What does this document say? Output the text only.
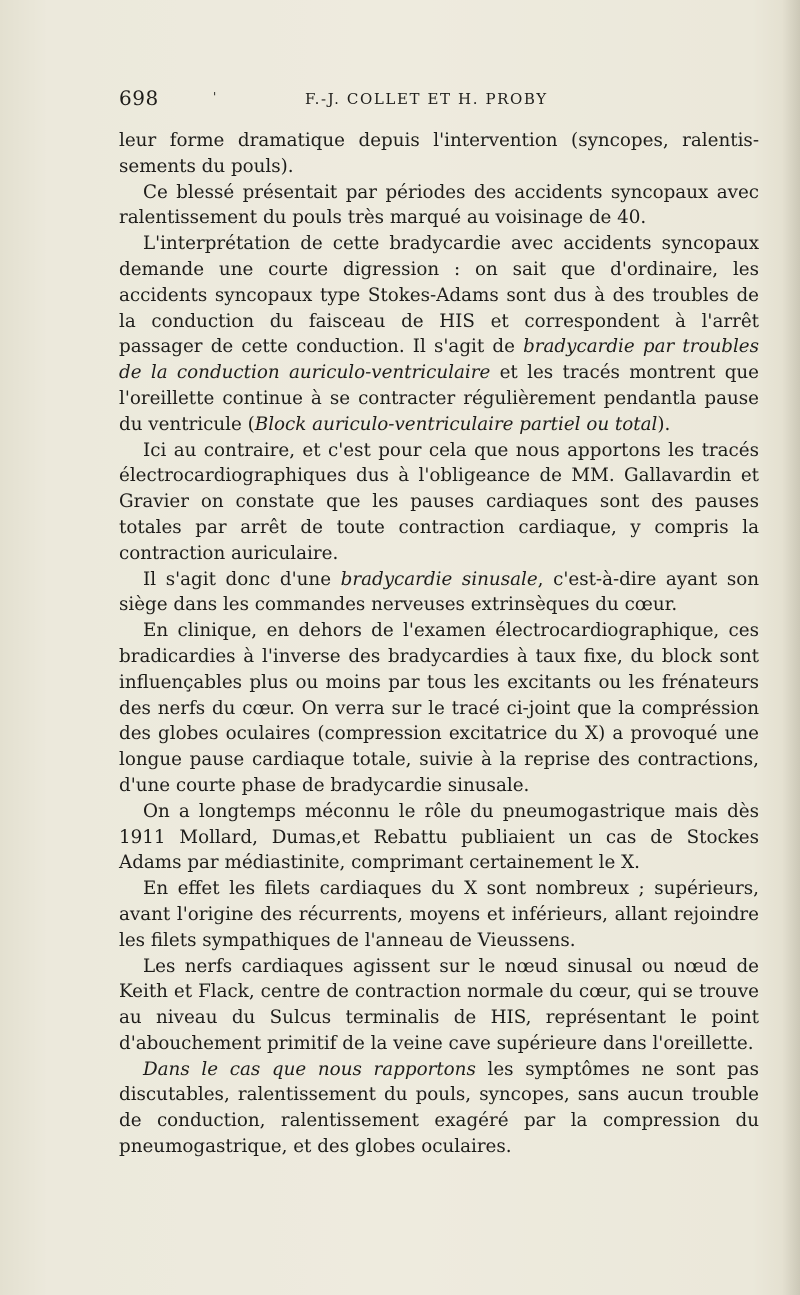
698	F.-J. COLLET ET H. PROBY
'

leur forme dramatique depuis l'intervention (syncopes, ralentis-sements du pouls).

Ce blessé présentait par périodes des accidents syncopaux avec ralentissement du pouls très marqué au voisinage de 40.

L'interprétation de cette bradycardie avec accidents syncopaux demande une courte digression : on sait que d'ordinaire, les accidents syncopaux type Stokes-Adams sont dus à des troubles de la conduction du faisceau de HIS et correspondent à l'arrêt passager de cette conduction. Il s'agit de bradycardie par troubles de la conduction auriculo-ventriculaire et les tracés montrent que l'oreillette continue à se contracter régulièrement pendantla pause du ventricule (Block auriculo-ventriculaire partiel ou total).

Ici au contraire, et c'est pour cela que nous apportons les tracés électrocardiographiques dus à l'obligeance de MM. Gallavardin et Gravier on constate que les pauses cardiaques sont des pauses totales par arrêt de toute contraction cardiaque, y compris la contraction auriculaire.

Il s'agit donc d'une bradycardie sinusale, c'est-à-dire ayant son siège dans les commandes nerveuses extrinsèques du cœur.

En clinique, en dehors de l'examen électrocardiographique, ces bradicardies à l'inverse des bradycardies à taux fixe, du block sont influençables plus ou moins par tous les excitants ou les frénateurs des nerfs du cœur. On verra sur le tracé ci-joint que la compréssion des globes oculaires (compression excitatrice du X) a provoqué une longue pause cardiaque totale, suivie à la reprise des contractions, d'une courte phase de bradycardie sinusale.

On a longtemps méconnu le rôle du pneumogastrique mais dès 1911 Mollard, Dumas,et Rebattu publiaient un cas de Stockes Adams par médiastinite, comprimant certainement le X.

En effet les filets cardiaques du X sont nombreux ; supérieurs, avant l'origine des récurrents, moyens et inférieurs, allant rejoindre les filets sympathiques de l'anneau de Vieussens.

Les nerfs cardiaques agissent sur le nœud sinusal ou nœud de Keith et Flack, centre de contraction normale du cœur, qui se trouve au niveau du Sulcus terminalis de HIS, représentant le point d'abouchement primitif de la veine cave supérieure dans l'oreillette.

Dans le cas que nous rapportons les symptômes ne sont pas discutables, ralentissement du pouls, syncopes, sans aucun trouble de conduction, ralentissement exagéré par la compression du pneumogastrique, et des globes oculaires.
